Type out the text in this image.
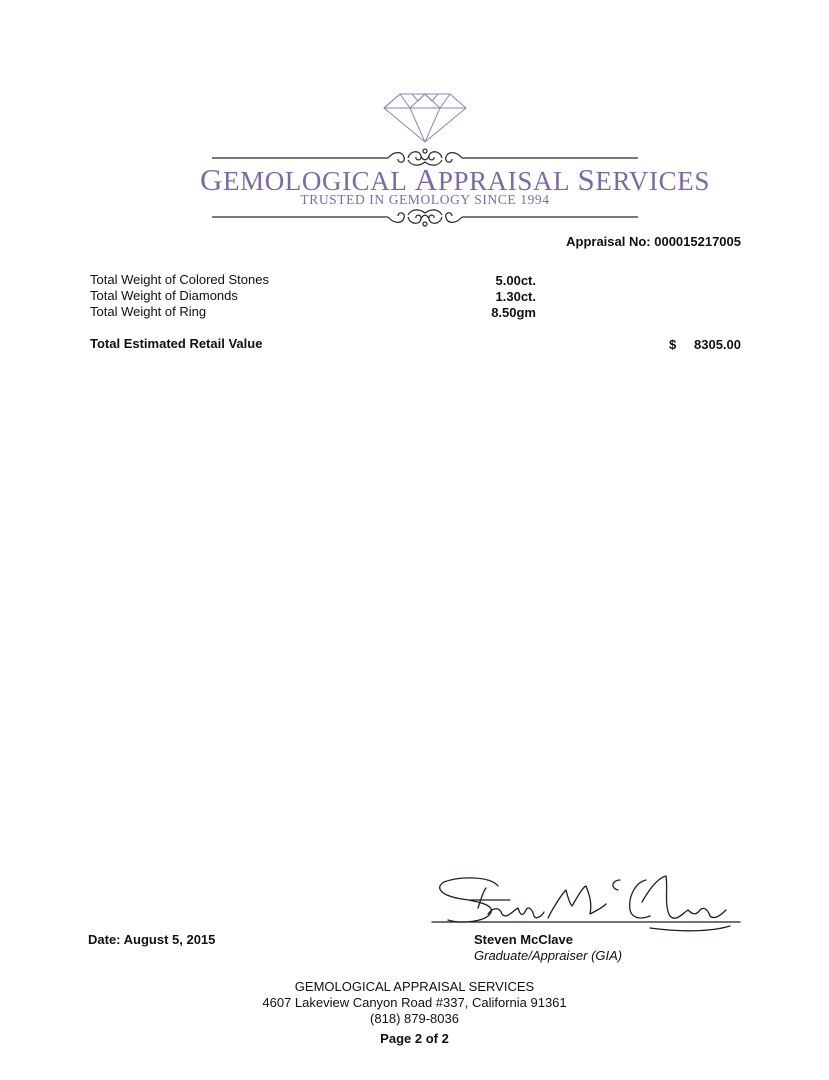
GEMOLOGICAL APPRAISAL SERVICES
TRUSTED IN GEMOLOGY SINCE 1994
Appraisal No: 000015217005
Total Weight of Colored Stones	5.00ct.
Total Weight of Diamonds	1.30ct.
Total Weight of Ring	8.50gm
Total Estimated Retail Value	$ 8305.00
Date: August 5, 2015	Steven McClave
Graduate/Appraiser (GIA)
GEMOLOGICAL APPRAISAL SERVICES
4607 Lakeview Canyon Road #337, California 91361
(818) 879-8036
Page 2 of 2
